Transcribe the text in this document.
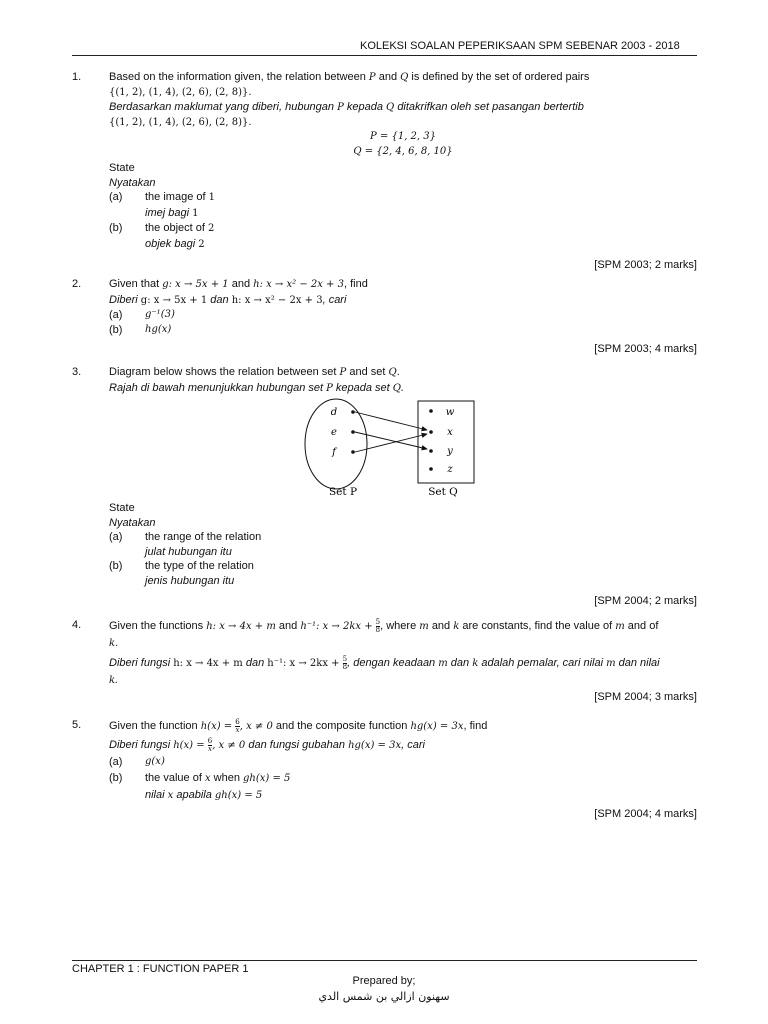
KOLEKSI SOALAN PEPERIKSAAN SPM SEBENAR 2003 - 2018
1.	Based on the information given, the relation between P and Q is defined by the set of ordered pairs
{(1, 2), (1, 4), (2, 6), (2, 8)}.
Berdasarkan maklumat yang diberi, hubungan P kepada Q ditakrifkan oleh set pasangan bertertib
{(1, 2), (1, 4), (2, 6), (2, 8)}.
P = {1, 2, 3}
Q = {2, 4, 6, 8, 10}
State
Nyatakan
(a)	the image of 1
imej bagi 1
(b)	the object of 2
objek bagi 2
[SPM 2003; 2 marks]
2.	Given that g: x → 5x + 1 and h: x → x² − 2x + 3, find
Diberi g: x → 5x + 1 dan h: x → x² − 2x + 3, cari
(a)	g⁻¹(3)
(b)	hg(x)
[SPM 2003; 4 marks]
3.	Diagram below shows the relation between set P and set Q.
Rajah di bawah menunjukkan hubungan set P kepada set Q.
d
e
f
w
x
y
z
Set P	Set Q
State
Nyatakan
(a)	the range of the relation
julat hubungan itu
(b)	the type of the relation
jenis hubungan itu
[SPM 2004; 2 marks]
4.	Given the functions h: x → 4x + m and h⁻¹: $x \to 2kx + \frac{5}{8}$ , where m and k are constants, find the value of m and of
k.
Diberi fungsi h: x → 4x + m dan h⁻¹: $x \to 2kx + \frac{5}{8}$ , dengan keadaan m dan k adalah pemalar, cari nilai m dan nilai
k.
[SPM 2004; 3 marks]
5.	Given the function $h(x) = \frac{6}{x}$ , x ≠ 0 and the composite function hg(x) = 3x, find
Diberi fungsi $h(x) = \frac{6}{x}$ , x ≠ 0 dan fungsi gubahan hg(x) = 3x, cari
(a)	g(x)
(b)	the value of x when gh(x) = 5
nilai x apabila gh(x) = 5
[SPM 2004; 4 marks]
CHAPTER 1 : FUNCTION PAPER 1
Prepared by;
سهنون ازالي بن شمس الدي
